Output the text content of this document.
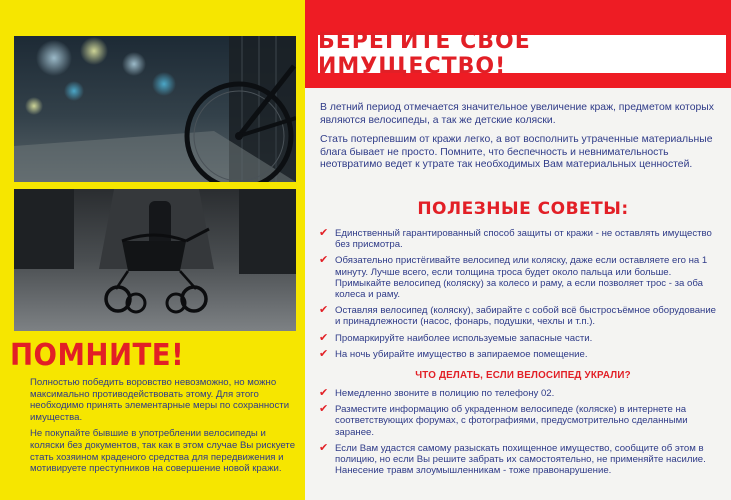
ПОМНИТЕ!

Полностью победить воровство невозможно, но можно максимально противодействовать этому. Для этого необходимо принять элементарные меры по сохранности имущества.

Не покупайте бывшие в употреблении велосипеды и коляски без документов, так как в этом случае Вы рискуете стать хозяином краденого средства для передвижения и мотивируете преступников на совершение новой кражи.

БЕРЕГИТЕ СВОЕ ИМУЩЕСТВО!

В летний период отмечается значительное увеличение краж, предметом которых являются велосипеды, а так же детские коляски.

Стать потерпевшим от кражи легко, а вот восполнить утраченные материальные блага бывает не просто. Помните, что беспечность и невнимательность неотвратимо ведет к утрате так необходимых Вам материальных ценностей.

ПОЛЕЗНЫЕ СОВЕТЫ:
✔ Единственный гарантированный способ защиты от кражи - не оставлять имущество без присмотра.
✔ Обязательно пристёгивайте велосипед или коляску, даже если оставляете его на 1 минуту. Лучше всего, если толщина троса будет около пальца или больше. Примыкайте велосипед (коляску) за колесо и раму, а если позволяет трос - за оба колеса и раму.
✔ Оставляя велосипед (коляску), забирайте с собой всё быстросъёмное оборудование и принадлежности (насос, фонарь, подушки, чехлы и т.п.).
✔ Промаркируйте наиболее используемые запасные части.
✔ На ночь убирайте имущество в запираемое помещение.
ЧТО ДЕЛАТЬ, ЕСЛИ ВЕЛОСИПЕД УКРАЛИ?
✔ Немедленно звоните в полицию по телефону 02.
✔ Разместите информацию об украденном велосипеде (коляске) в интернете на соответствующих форумах, с фотографиями, предусмотрительно сделанными заранее.
✔ Если Вам удастся самому разыскать похищенное имущество, сообщите об этом в полицию, но если Вы решите забрать их самостоятельно, не применяйте насилие. Нанесение травм злоумышленникам - тоже правонарушение.
